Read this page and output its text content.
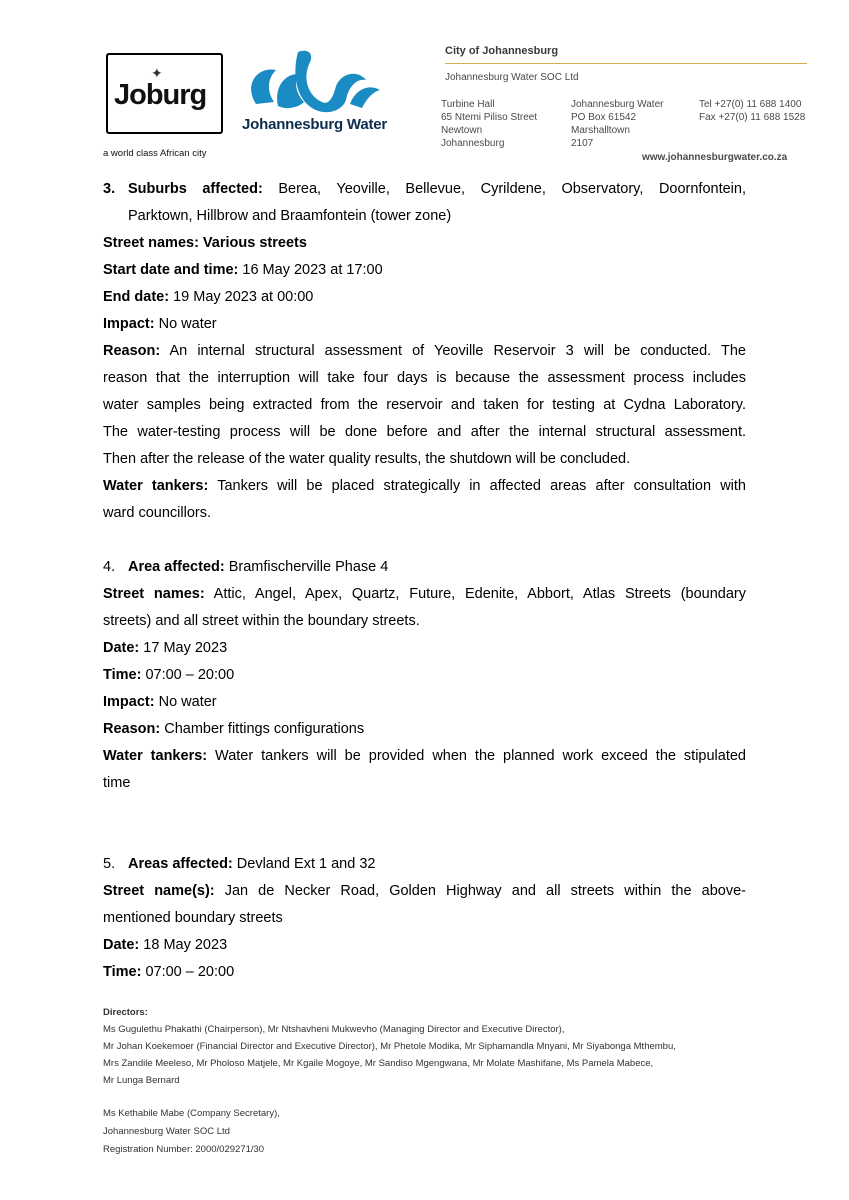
✦
Joburg
a world class African city
Johannesburg Water
City of Johannesburg
Johannesburg Water SOC Ltd
Turbine Hall
65 Ntemi Piliso Street
Newtown
Johannesburg
Johannesburg Water
PO Box 61542
Marshalltown
2107
Tel +27(0) 11 688 1400
Fax +27(0) 11 688 1528
www.johannesburgwater.co.za
3. Suburbs affected: Berea, Yeoville, Bellevue, Cyrildene, Observatory, Doornfontein,
Parktown, Hillbrow and Braamfontein (tower zone)
Street names: Various streets
Start date and time: 16 May 2023 at 17:00
End date: 19 May 2023 at 00:00
Impact: No water
Reason: An internal structural assessment of Yeoville Reservoir 3 will be conducted. The
reason that the interruption will take four days is because the assessment process includes
water samples being extracted from the reservoir and taken for testing at Cydna Laboratory.
The water-testing process will be done before and after the internal structural assessment.
Then after the release of the water quality results, the shutdown will be concluded.
Water tankers: Tankers will be placed strategically in affected areas after consultation with
ward councillors.
4. Area affected: Bramfischerville Phase 4
Street names: Attic, Angel, Apex, Quartz, Future, Edenite, Abbort, Atlas Streets (boundary
streets) and all street within the boundary streets.
Date: 17 May 2023
Time: 07:00 – 20:00
Impact: No water
Reason: Chamber fittings configurations
Water tankers: Water tankers will be provided when the planned work exceed the stipulated
time
5. Areas affected: Devland Ext 1 and 32
Street name(s): Jan de Necker Road, Golden Highway and all streets within the above-
mentioned boundary streets
Date: 18 May 2023
Time: 07:00 – 20:00
Directors:
Ms Gugulethu Phakathi (Chairperson), Mr Ntshavheni Mukwevho (Managing Director and Executive Director),
Mr Johan Koekemoer (Financial Director and Executive Director), Mr Phetole Modika, Mr Siphamandla Mnyani, Mr Siyabonga Mthembu,
Mrs Zandile Meeleso, Mr Pholoso Matjele, Mr Kgaile Mogoye, Mr Sandiso Mgengwana, Mr Molate Mashifane, Ms Pamela Mabece,
Mr Lunga Bernard
Ms Kethabile Mabe (Company Secretary),
Johannesburg Water SOC Ltd
Registration Number: 2000/029271/30
